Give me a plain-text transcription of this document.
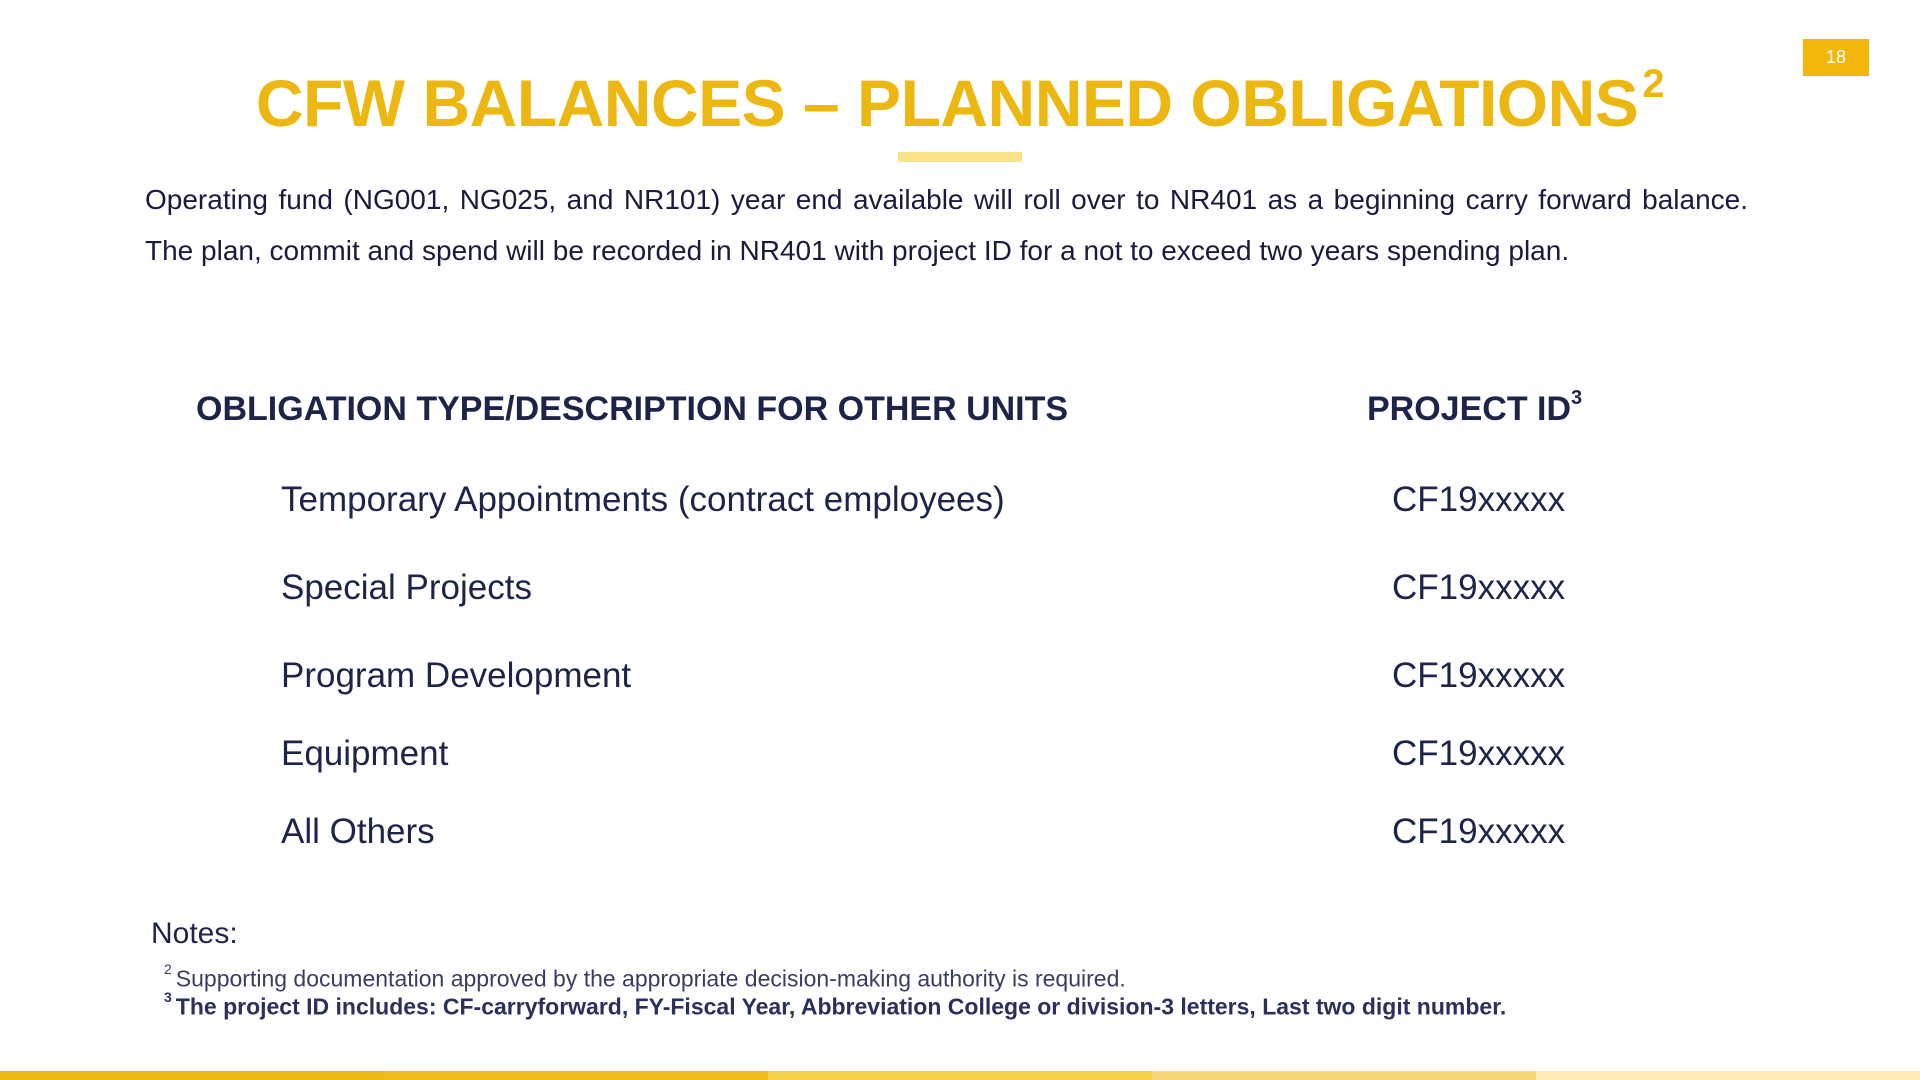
18
CFW BALANCES – PLANNED OBLIGATIONS $^2$
Operating fund (NG001, NG025, and NR101) year end available will roll over to NR401 as a beginning carry forward balance. The plan, commit and spend will be recorded in NR401 with project ID for a not to exceed two years spending plan.
OBLIGATION TYPE/DESCRIPTION FOR OTHER UNITS	PROJECT $ID^3$
Temporary Appointments (contract employees)	CF19xxxxx
Special Projects	CF19xxxxx
Program Development	CF19xxxxx
Equipment	CF19xxxxx
All Others	CF19xxxxx
Notes:
$^2$ Supporting documentation approved by the appropriate decision-making authority is required.
$^3$ The project ID includes: CF-carryforward, FY-Fiscal Year, Abbreviation College or division-3 letters, Last two digit number.
